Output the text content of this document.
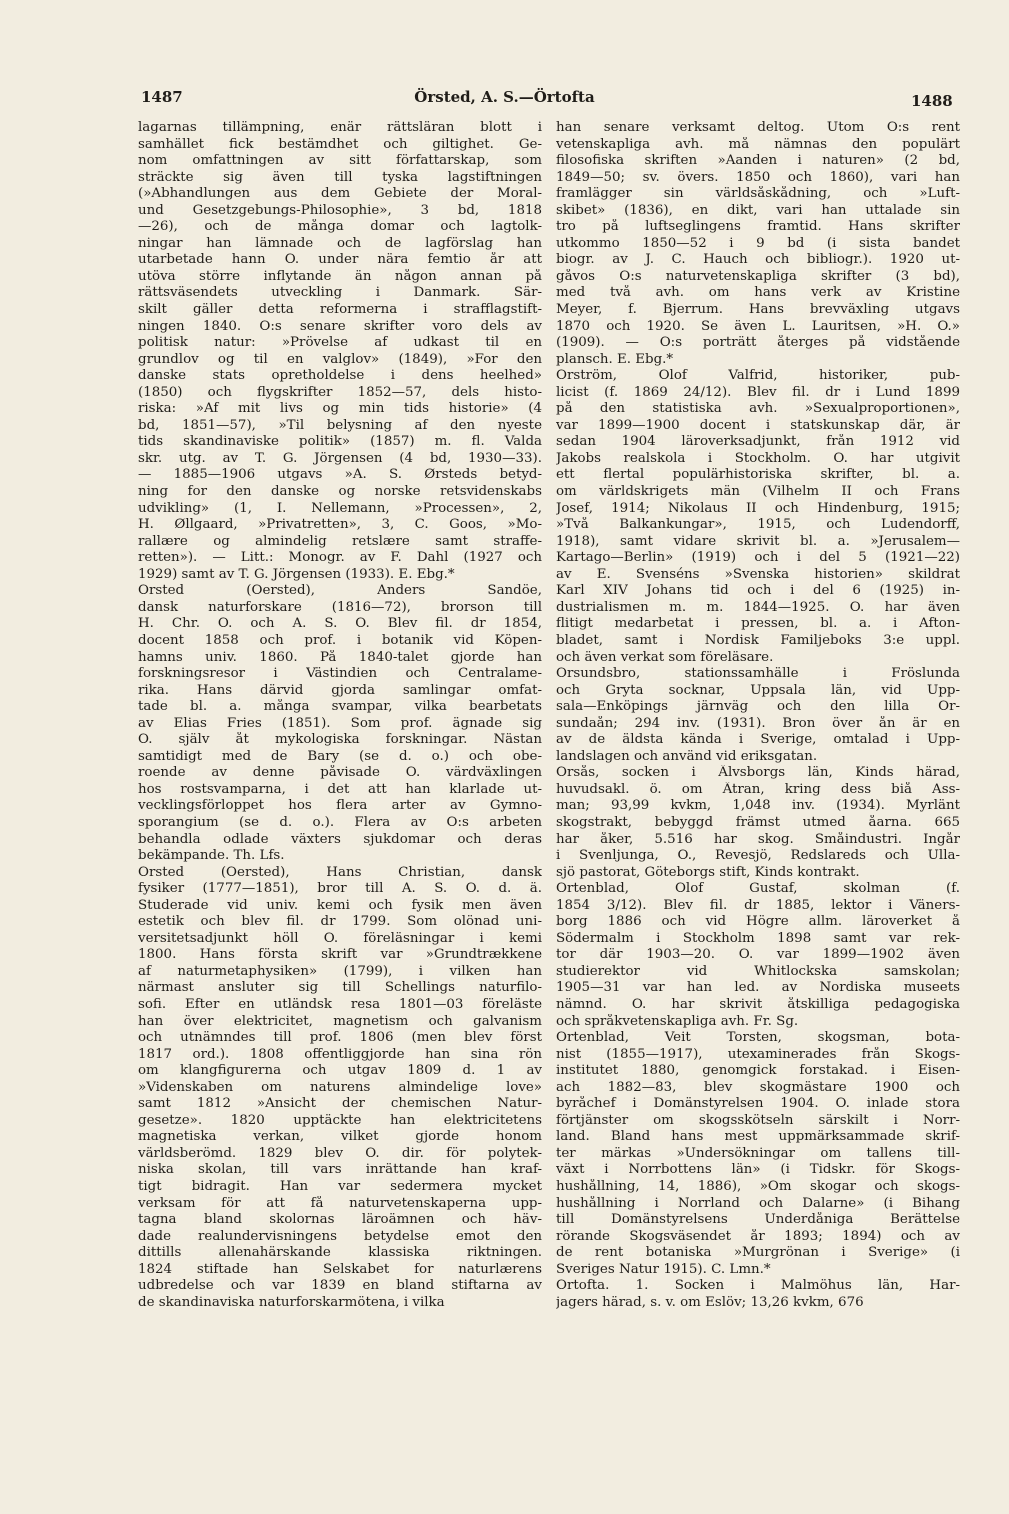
1487	Örsted, A. S.—Örtofta	1488
lagarnas tillämpning, enär rättsläran blott i
samhället fick bestämdhet och giltighet. Ge-
nom omfattningen av sitt författarskap, som
sträckte sig även till tyska lagstiftningen
(»Abhandlungen aus dem Gebiete der Moral-
und Gesetzgebungs-Philosophie», 3 bd, 1818
—26), och de många domar och lagtolk-
ningar han lämnade och de lagförslag han
utarbetade hann Ö. under nära femtio år att
utöva större inflytande än någon annan på
rättsväsendets utveckling i Danmark. Sär-
skilt gäller detta reformerna i strafflagstift-
ningen 1840. Ö:s senare skrifter voro dels av
politisk natur: »Prövelse af udkast til en
grundlov og til en valglov» (1849), »For den
danske stats opretholdelse i dens heelhed»
(1850) och flygskrifter 1852—57, dels histo-
riska: »Af mit livs og min tids historie» (4
bd, 1851—57), »Til belysning af den nyeste
tids skandinaviske politik» (1857) m. fl. Valda
skr. utg. av T. G. Jörgensen (4 bd, 1930—33).
— 1885—1906 utgavs »A. S. Ørsteds betyd-
ning for den danske og norske retsvidenskabs
udvikling» (1, I. Nellemann, »Processen», 2,
H. Øllgaard, »Privatretten», 3, C. Goos, »Mo-
rallære og almindelig retslære samt straffe-
retten»). — Litt.: Monogr. av F. Dahl (1927 och
1929) samt av T. G. Jörgensen (1933). E. Ebg.*
Örsted (Oersted), Anders Sandöe,
dansk naturforskare (1816—72), brorson till
H. Chr. Ö. och A. S. Ö. Blev fil. dr 1854,
docent 1858 och prof. i botanik vid Köpen-
hamns univ. 1860. På 1840-talet gjorde han
forskningsresor i Västindien och Centralame-
rika. Hans därvid gjorda samlingar omfat-
tade bl. a. många svampar, vilka bearbetats
av Elias Fries (1851). Som prof. ägnade sig
Ö. själv åt mykologiska forskningar. Nästan
samtidigt med de Bary (se d. o.) och obe-
roende av denne påvisade Ö. värdväxlingen
hos rostsvamparna, i det att han klarlade ut-
vecklingsförloppet hos flera arter av Gymno-
sporangium (se d. o.). Flera av Ö:s arbeten
behandla odlade växters sjukdomar och deras
bekämpande. Th. Lfs.
Örsted (Oersted), Hans Christian, dansk
fysiker (1777—1851), bror till A. S. Ö. d. ä.
Studerade vid univ. kemi och fysik men även
estetik och blev fil. dr 1799. Som olönad uni-
versitetsadjunkt höll Ö. föreläsningar i kemi
1800. Hans första skrift var »Grundtrækkene
af naturmetaphysiken» (1799), i vilken han
närmast ansluter sig till Schellings naturfilo-
sofi. Efter en utländsk resa 1801—03 föreläste
han över elektricitet, magnetism och galvanism
och utnämndes till prof. 1806 (men blev först
1817 ord.). 1808 offentliggjorde han sina rön
om klangfigurerna och utgav 1809 d. 1 av
»Videnskaben om naturens almindelige love»
samt 1812 »Ansicht der chemischen Natur-
gesetze». 1820 upptäckte han elektricitetens
magnetiska verkan, vilket gjorde honom
världsberömd. 1829 blev Ö. dir. för polytek-
niska skolan, till vars inrättande han kraf-
tigt bidragit. Han var sedermera mycket
verksam för att få naturvetenskaperna upp-
tagna bland skolornas läroämnen och häv-
dade realundervisningens betydelse emot den
dittills allenahärskande klassiska riktningen.
1824 stiftade han Selskabet for naturlærens
udbredelse och var 1839 en bland stiftarna av
de skandinaviska naturforskarmötena, i vilka
han senare verksamt deltog. Utom Ö:s rent
vetenskapliga avh. må nämnas den populärt
filosofiska skriften »Aanden i naturen» (2 bd,
1849—50; sv. övers. 1850 och 1860), vari han
framlägger sin världsåskådning, och »Luft-
skibet» (1836), en dikt, vari han uttalade sin
tro på luftseglingens framtid. Hans skrifter
utkommo 1850—52 i 9 bd (i sista bandet
biogr. av J. C. Hauch och bibliogr.). 1920 ut-
gåvos Ö:s naturvetenskapliga skrifter (3 bd),
med två avh. om hans verk av Kristine
Meyer, f. Bjerrum. Hans brevväxling utgavs
1870 och 1920. Se även L. Lauritsen, »H. Ö.»
(1909). — Ö:s porträtt återges på vidstående
plansch. E. Ebg.*
Örström, Olof Valfrid, historiker, pub-
licist (f. 1869 24/12). Blev fil. dr i Lund 1899
på den statistiska avh. »Sexualproportionen»,
var 1899—1900 docent i statskunskap där, är
sedan 1904 läroverksadjunkt, från 1912 vid
Jakobs realskola i Stockholm. Ö. har utgivit
ett flertal populärhistoriska skrifter, bl. a.
om världskrigets män (Vilhelm II och Frans
Josef, 1914; Nikolaus II och Hindenburg, 1915;
»Två Balkankungar», 1915, och Ludendorff,
1918), samt vidare skrivit bl. a. »Jerusalem—
Kartago—Berlin» (1919) och i del 5 (1921—22)
av E. Svenséns »Svenska historien» skildrat
Karl XIV Johans tid och i del 6 (1925) in-
dustrialismen m. m. 1844—1925. Ö. har även
flitigt medarbetat i pressen, bl. a. i Afton-
bladet, samt i Nordisk Familjeboks 3:e uppl.
och även verkat som föreläsare.
Örsundsbro, stationssamhälle i Fröslunda
och Gryta socknar, Uppsala län, vid Upp-
sala—Enköpings järnväg och den lilla Ör-
sundaån; 294 inv. (1931). Bron över ån är en
av de äldsta kända i Sverige, omtalad i Upp-
landslagen och använd vid eriksgatan.
Örsås, socken i Älvsborgs län, Kinds härad,
huvudsakl. ö. om Ätran, kring dess biå Ass-
man; 93,99 kvkm, 1,048 inv. (1934). Myrlänt
skogstrakt, bebyggd främst utmed åarna. 665
har åker, 5.516 har skog. Småindustri. Ingår
i Svenljunga, Ö., Revesjö, Redslareds och Ulla-
sjö pastorat, Göteborgs stift, Kinds kontrakt.
Örtenblad, Olof Gustaf, skolman (f.
1854 3/12). Blev fil. dr 1885, lektor i Väners-
borg 1886 och vid Högre allm. läroverket å
Södermalm i Stockholm 1898 samt var rek-
tor där 1903—20. Ö. var 1899—1902 även
studierektor vid Whitlockska samskolan;
1905—31 var han led. av Nordiska museets
nämnd. Ö. har skrivit åtskilliga pedagogiska
och språkvetenskapliga avh. Fr. Sg.
Örtenblad, Veit Torsten, skogsman, bota-
nist (1855—1917), utexaminerades från Skogs-
institutet 1880, genomgick forstakad. i Eisen-
ach 1882—83, blev skogmästare 1900 och
byråchef i Domänstyrelsen 1904. Ö. inlade stora
förtjänster om skogsskötseln särskilt i Norr-
land. Bland hans mest uppmärksammade skrif-
ter märkas »Undersökningar om tallens till-
växt i Norrbottens län» (i Tidskr. för Skogs-
hushållning, 14, 1886), »Om skogar och skogs-
hushållning i Norrland och Dalarne» (i Bihang
till Domänstyrelsens Underdåniga Berättelse
rörande Skogsväsendet år 1893; 1894) och av
de rent botaniska »Murgrönan i Sverige» (i
Sveriges Natur 1915). C. Lmn.*
Örtofta. 1. Socken i Malmöhus län, Har-
jagers härad, s. v. om Eslöv; 13,26 kvkm, 676
